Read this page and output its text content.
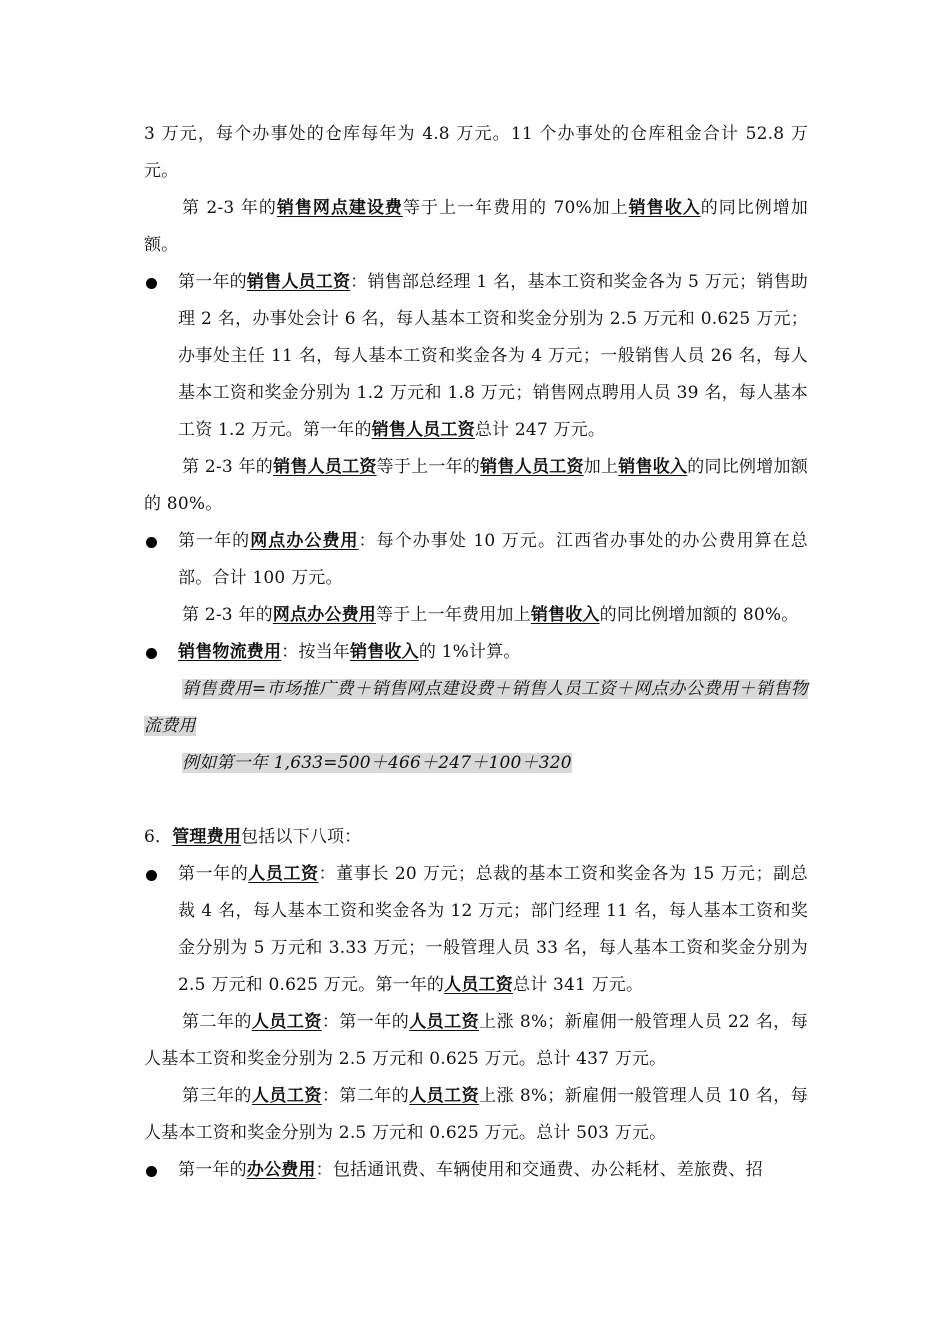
3 万元，每个办事处的仓库每年为 4.8 万元。11 个办事处的仓库租金合计 52.8 万元。

第 2-3 年的销售网点建设费等于上一年费用的 70%加上销售收入的同比例增加额。

第一年的销售人员工资：销售部总经理 1 名，基本工资和奖金各为 5 万元；销售助理 2 名，办事处会计 6 名，每人基本工资和奖金分别为 2.5 万元和 0.625 万元；办事处主任 11 名，每人基本工资和奖金各为 4 万元；一般销售人员 26 名，每人基本工资和奖金分别为 1.2 万元和 1.8 万元；销售网点聘用人员 39 名，每人基本工资 1.2 万元。第一年的销售人员工资总计 247 万元。

第 2-3 年的销售人员工资等于上一年的销售人员工资加上销售收入的同比例增加额的 80%。

第一年的网点办公费用：每个办事处 10 万元。江西省办事处的办公费用算在总部。合计 100 万元。

第 2-3 年的网点办公费用等于上一年费用加上销售收入的同比例增加额的 80%。

销售物流费用：按当年销售收入的 1%计算。

销售费用=市场推广费＋销售网点建设费＋销售人员工资＋网点办公费用＋销售物流费用

例如第一年 1,633=500＋466＋247＋100＋320

6．管理费用包括以下八项：

第一年的人员工资：董事长 20 万元；总裁的基本工资和奖金各为 15 万元；副总裁 4 名，每人基本工资和奖金各为 12 万元；部门经理 11 名，每人基本工资和奖金分别为 5 万元和 3.33 万元；一般管理人员 33 名，每人基本工资和奖金分别为 2.5 万元和 0.625 万元。第一年的人员工资总计 341 万元。

第二年的人员工资：第一年的人员工资上涨 8%；新雇佣一般管理人员 22 名，每人基本工资和奖金分别为 2.5 万元和 0.625 万元。总计 437 万元。

第三年的人员工资：第二年的人员工资上涨 8%；新雇佣一般管理人员 10 名，每人基本工资和奖金分别为 2.5 万元和 0.625 万元。总计 503 万元。

第一年的办公费用：包括通讯费、车辆使用和交通费、办公耗材、差旅费、招
